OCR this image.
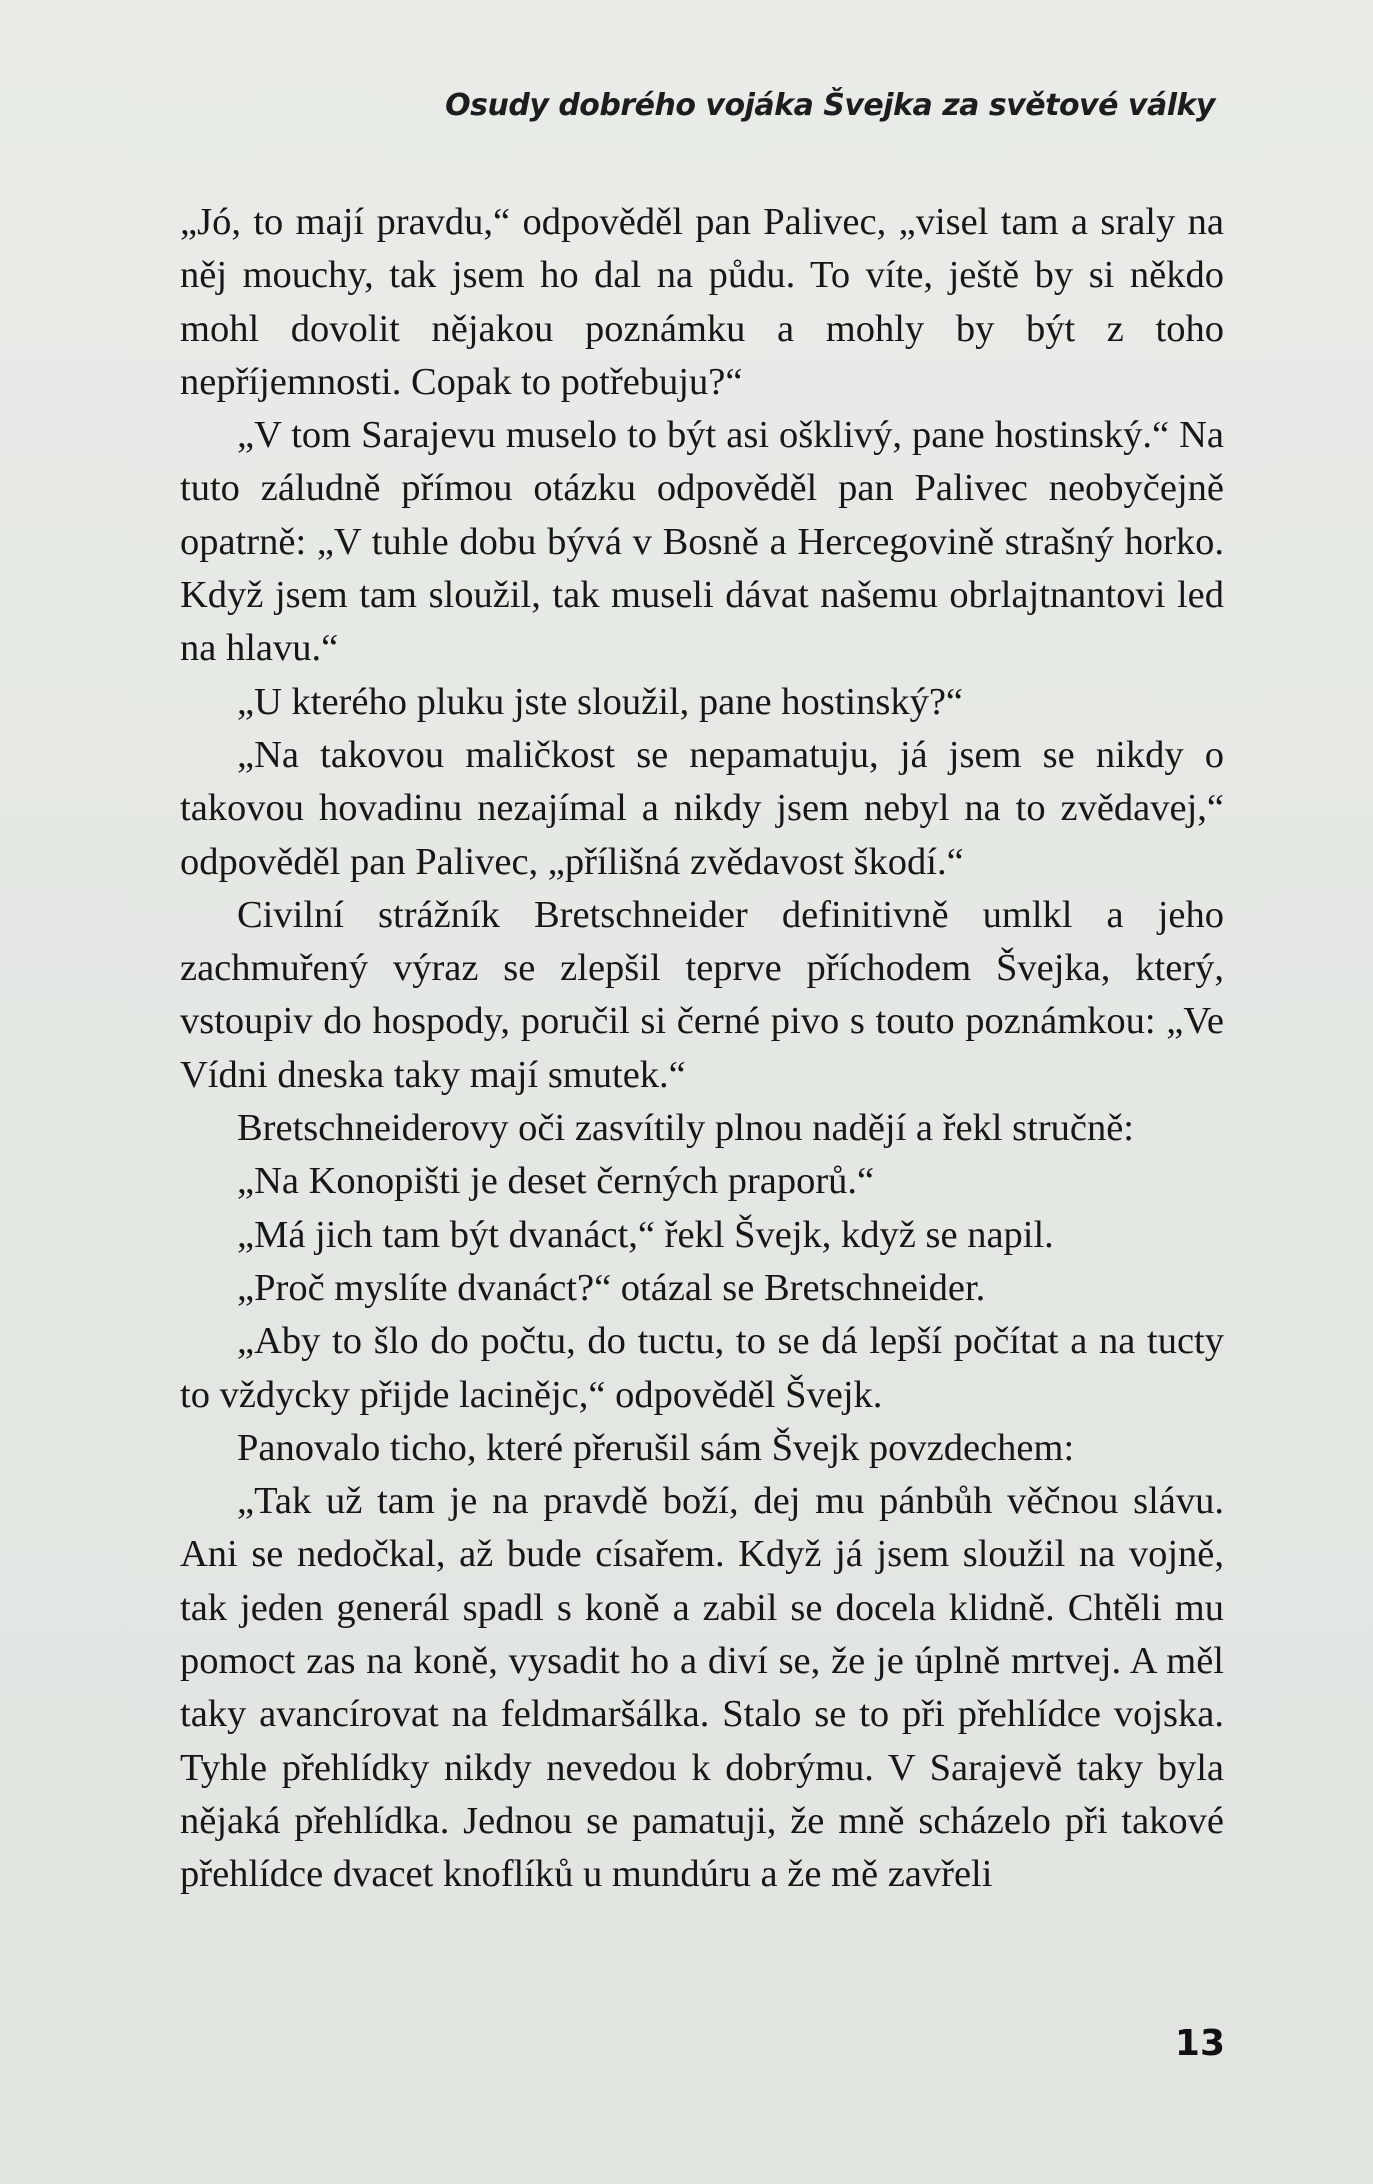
Osudy dobrého vojáka Švejka za světové války

„Jó, to mají pravdu,“ odpověděl pan Palivec, „visel tam a sraly na něj mouchy, tak jsem ho dal na půdu. To víte, ještě by si někdo mohl dovolit nějakou poznámku a mohly by být z toho nepříjemnosti. Copak to potřebuju?“

„V tom Sarajevu muselo to být asi ošklivý, pane hostinský.“ Na tuto záludně přímou otázku odpověděl pan Palivec neobyčejně opatrně: „V tuhle dobu bývá v Bosně a Hercegovině strašný horko. Když jsem tam sloužil, tak museli dávat našemu obrlajtnantovi led na hlavu.“

„U kterého pluku jste sloužil, pane hostinský?“

„Na takovou maličkost se nepamatuju, já jsem se nikdy o takovou hovadinu nezajímal a nikdy jsem nebyl na to zvědavej,“ odpověděl pan Palivec, „přílišná zvědavost škodí.“

Civilní strážník Bretschneider definitivně umlkl a jeho zachmuřený výraz se zlepšil teprve příchodem Švejka, který, vstoupiv do hospody, poručil si černé pivo s touto poznámkou: „Ve Vídni dneska taky mají smutek.“

Bretschneiderovy oči zasvítily plnou nadějí a řekl stručně:

„Na Konopišti je deset černých praporů.“

„Má jich tam být dvanáct,“ řekl Švejk, když se napil.

„Proč myslíte dvanáct?“ otázal se Bretschneider.

„Aby to šlo do počtu, do tuctu, to se dá lepší počítat a na tucty to vždycky přijde lacinějc,“ odpověděl Švejk.

Panovalo ticho, které přerušil sám Švejk povzdechem:

„Tak už tam je na pravdě boží, dej mu pánbůh věčnou slávu. Ani se nedočkal, až bude císařem. Když já jsem sloužil na vojně, tak jeden generál spadl s koně a zabil se docela klidně. Chtěli mu pomoct zas na koně, vysadit ho a diví se, že je úplně mrtvej. A měl taky avancírovat na feldmaršálka. Stalo se to při přehlídce vojska. Tyhle přehlídky nikdy nevedou k dobrýmu. V Sarajevě taky byla nějaká přehlídka. Jednou se pamatuji, že mně scházelo při takové přehlídce dvacet knoflíků u mundúru a že mě zavřeli

13
